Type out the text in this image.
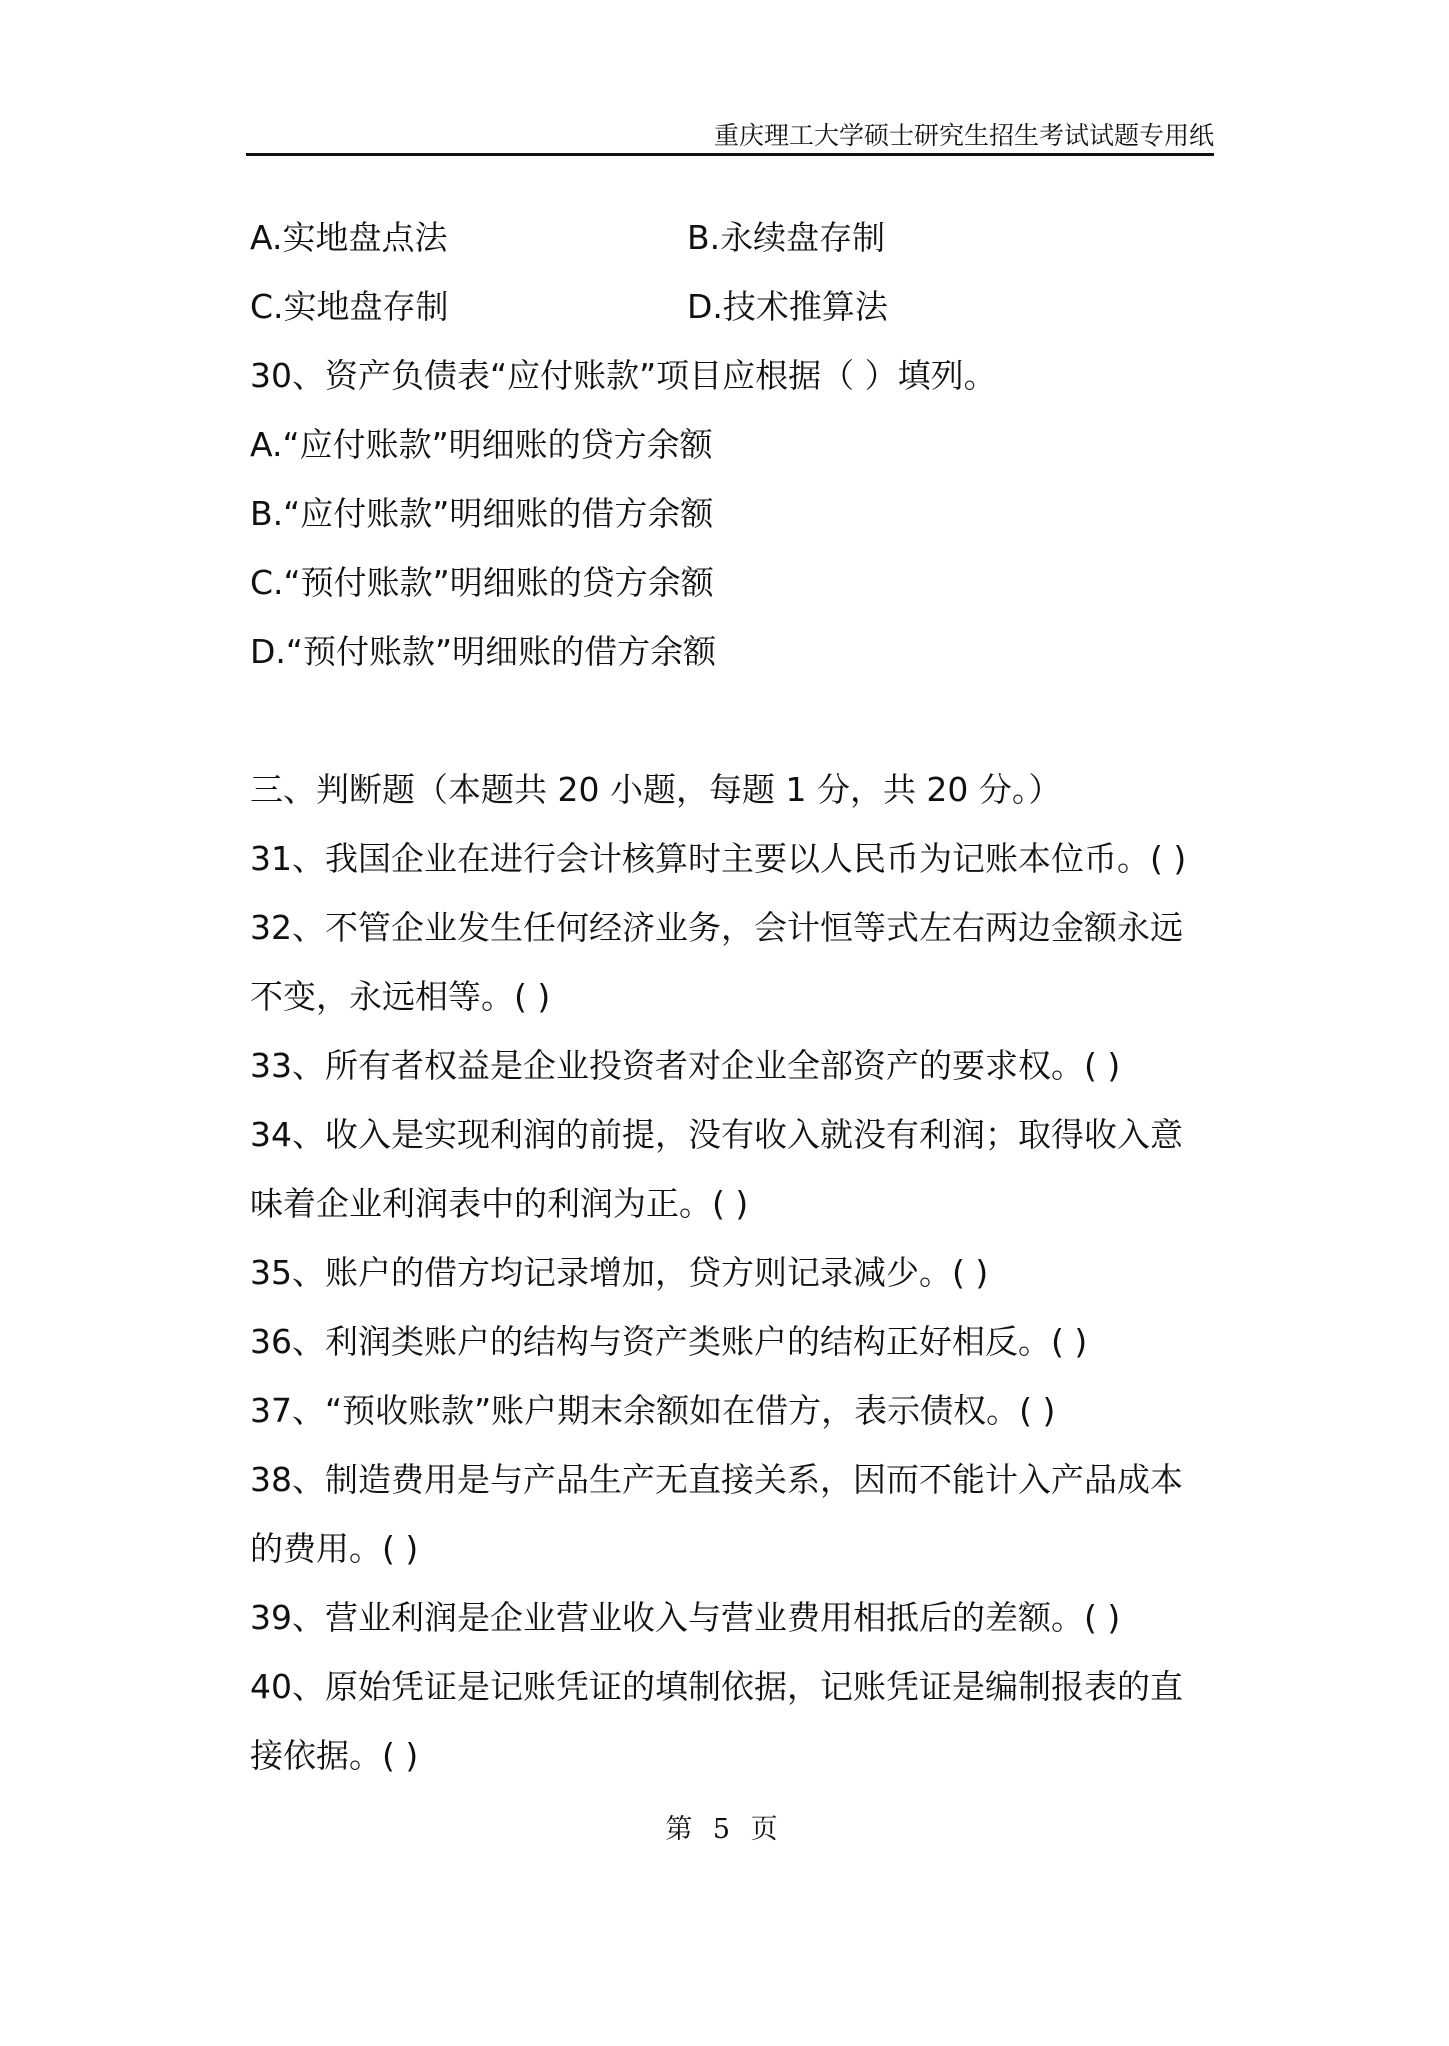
重庆理工大学硕士研究生招生考试试题专用纸
A.实地盘点法	B.永续盘存制
C.实地盘存制	D.技术推算法
30、资产负债表“应付账款”项目应根据（ ）填列。
A.“应付账款”明细账的贷方余额
B.“应付账款”明细账的借方余额
C.“预付账款”明细账的贷方余额
D.“预付账款”明细账的借方余额
三、判断题（本题共 20 小题，每题 1 分，共 20 分。）
31、我国企业在进行会计核算时主要以人民币为记账本位币。( )
32、不管企业发生任何经济业务，会计恒等式左右两边金额永远
不变，永远相等。( )
33、所有者权益是企业投资者对企业全部资产的要求权。( )
34、收入是实现利润的前提，没有收入就没有利润；取得收入意
味着企业利润表中的利润为正。( )
35、账户的借方均记录增加，贷方则记录减少。( )
36、利润类账户的结构与资产类账户的结构正好相反。( )
37、“预收账款”账户期末余额如在借方，表示债权。( )
38、制造费用是与产品生产无直接关系，因而不能计入产品成本
的费用。( )
39、营业利润是企业营业收入与营业费用相抵后的差额。( )
40、原始凭证是记账凭证的填制依据，记账凭证是编制报表的直
接依据。( )
第 5 页
